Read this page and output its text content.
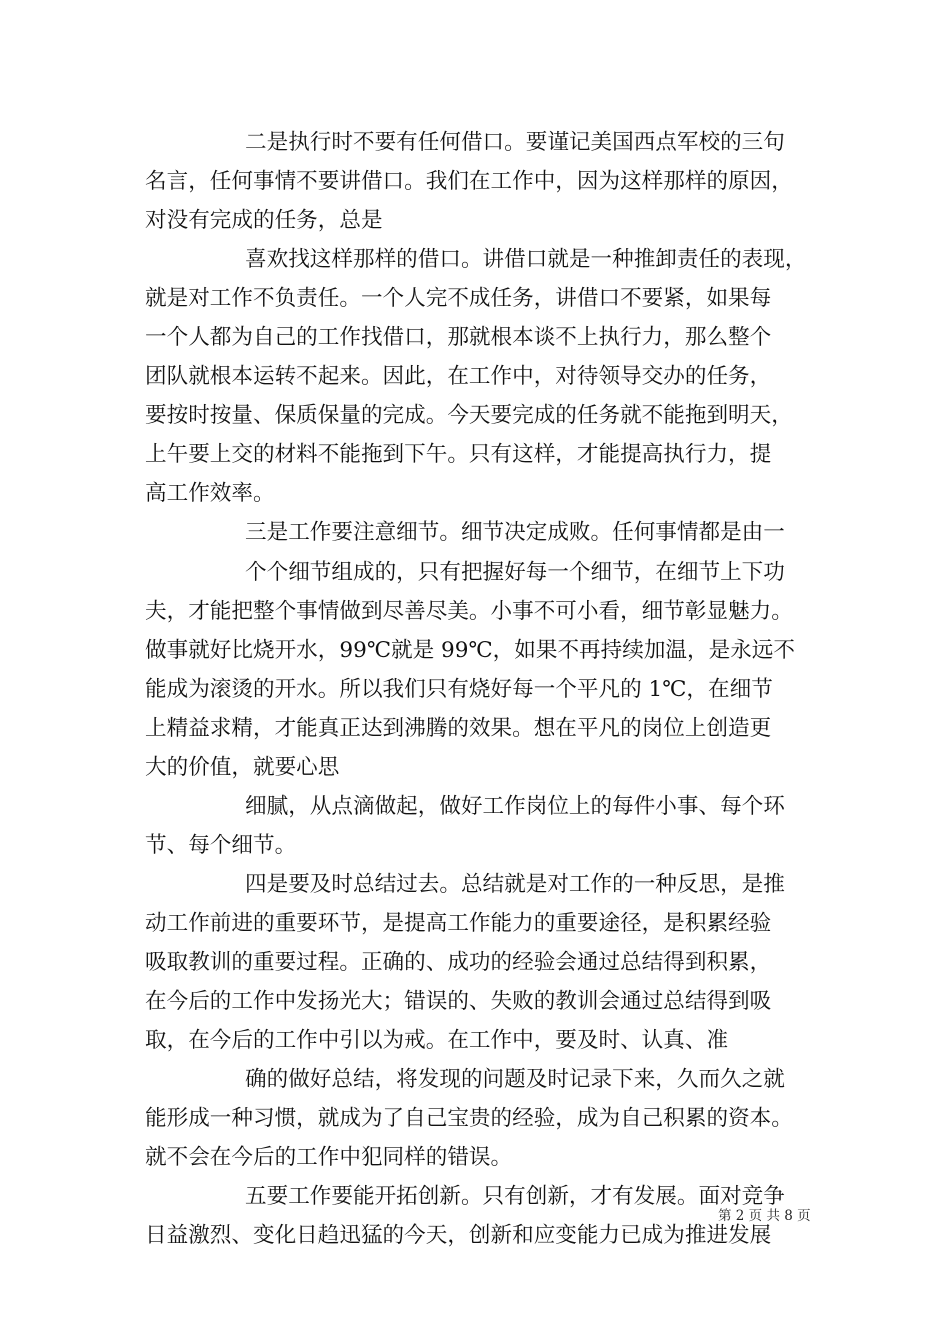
二是执行时不要有任何借口。要谨记美国西点军校的三句
名言，任何事情不要讲借口。我们在工作中，因为这样那样的原因，
对没有完成的任务，总是
喜欢找这样那样的借口。讲借口就是一种推卸责任的表现，
就是对工作不负责任。一个人完不成任务，讲借口不要紧，如果每
一个人都为自己的工作找借口，那就根本谈不上执行力，那么整个
团队就根本运转不起来。因此，在工作中，对待领导交办的任务，
要按时按量、保质保量的完成。今天要完成的任务就不能拖到明天，
上午要上交的材料不能拖到下午。只有这样，才能提高执行力，提
高工作效率。
三是工作要注意细节。细节决定成败。任何事情都是由一
个个细节组成的，只有把握好每一个细节，在细节上下功
夫，才能把整个事情做到尽善尽美。小事不可小看，细节彰显魅力。
做事就好比烧开水，99℃就是 99℃，如果不再持续加温，是永远不
能成为滚烫的开水。所以我们只有烧好每一个平凡的 1℃，在细节
上精益求精，才能真正达到沸腾的效果。想在平凡的岗位上创造更
大的价值，就要心思
细腻，从点滴做起，做好工作岗位上的每件小事、每个环
节、每个细节。
四是要及时总结过去。总结就是对工作的一种反思，是推
动工作前进的重要环节，是提高工作能力的重要途径，是积累经验
吸取教训的重要过程。正确的、成功的经验会通过总结得到积累，
在今后的工作中发扬光大；错误的、失败的教训会通过总结得到吸
取，在今后的工作中引以为戒。在工作中，要及时、认真、准
确的做好总结，将发现的问题及时记录下来，久而久之就
能形成一种习惯，就成为了自己宝贵的经验，成为自己积累的资本。
就不会在今后的工作中犯同样的错误。
五要工作要能开拓创新。只有创新，才有发展。面对竞争
日益激烈、变化日趋迅猛的今天，创新和应变能力已成为推进发展
第 2 页 共 8 页
